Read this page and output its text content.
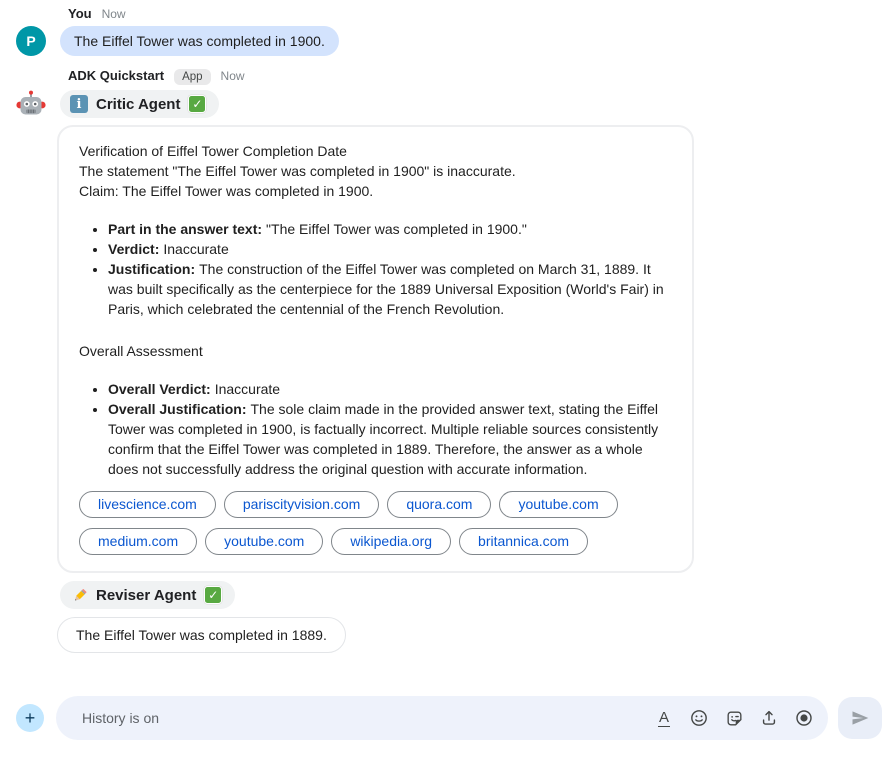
You Now
P	The Eiffel Tower was completed in 1900.
ADK Quickstart	App	Now
i Critic Agent ✓

Verification of Eiffel Tower Completion Date

The statement "The Eiffel Tower was completed in 1900" is inaccurate.

Claim: The Eiffel Tower was completed in 1900.

• Part in the answer text: "The Eiffel Tower was completed in 1900."
• Verdict: Inaccurate
• Justification: The construction of the Eiffel Tower was completed on March 31, 1889. It was built specifically as the centerpiece for the 1889 Universal Exposition (World's Fair) in Paris, which celebrated the centennial of the French Revolution.

Overall Assessment

• Overall Verdict: Inaccurate
• Overall Justification: The sole claim made in the provided answer text, stating the Eiffel Tower was completed in 1900, is factually incorrect. Multiple reliable sources consistently confirm that the Eiffel Tower was completed in 1889. Therefore, the answer as a whole does not successfully address the original question with accurate information.
livescience.com	pariscityvision.com	quora.com	youtube.com
medium.com	youtube.com	wikipedia.org	britannica.com
Reviser Agent ✓
The Eiffel Tower was completed in 1889.
+
History is on	A
